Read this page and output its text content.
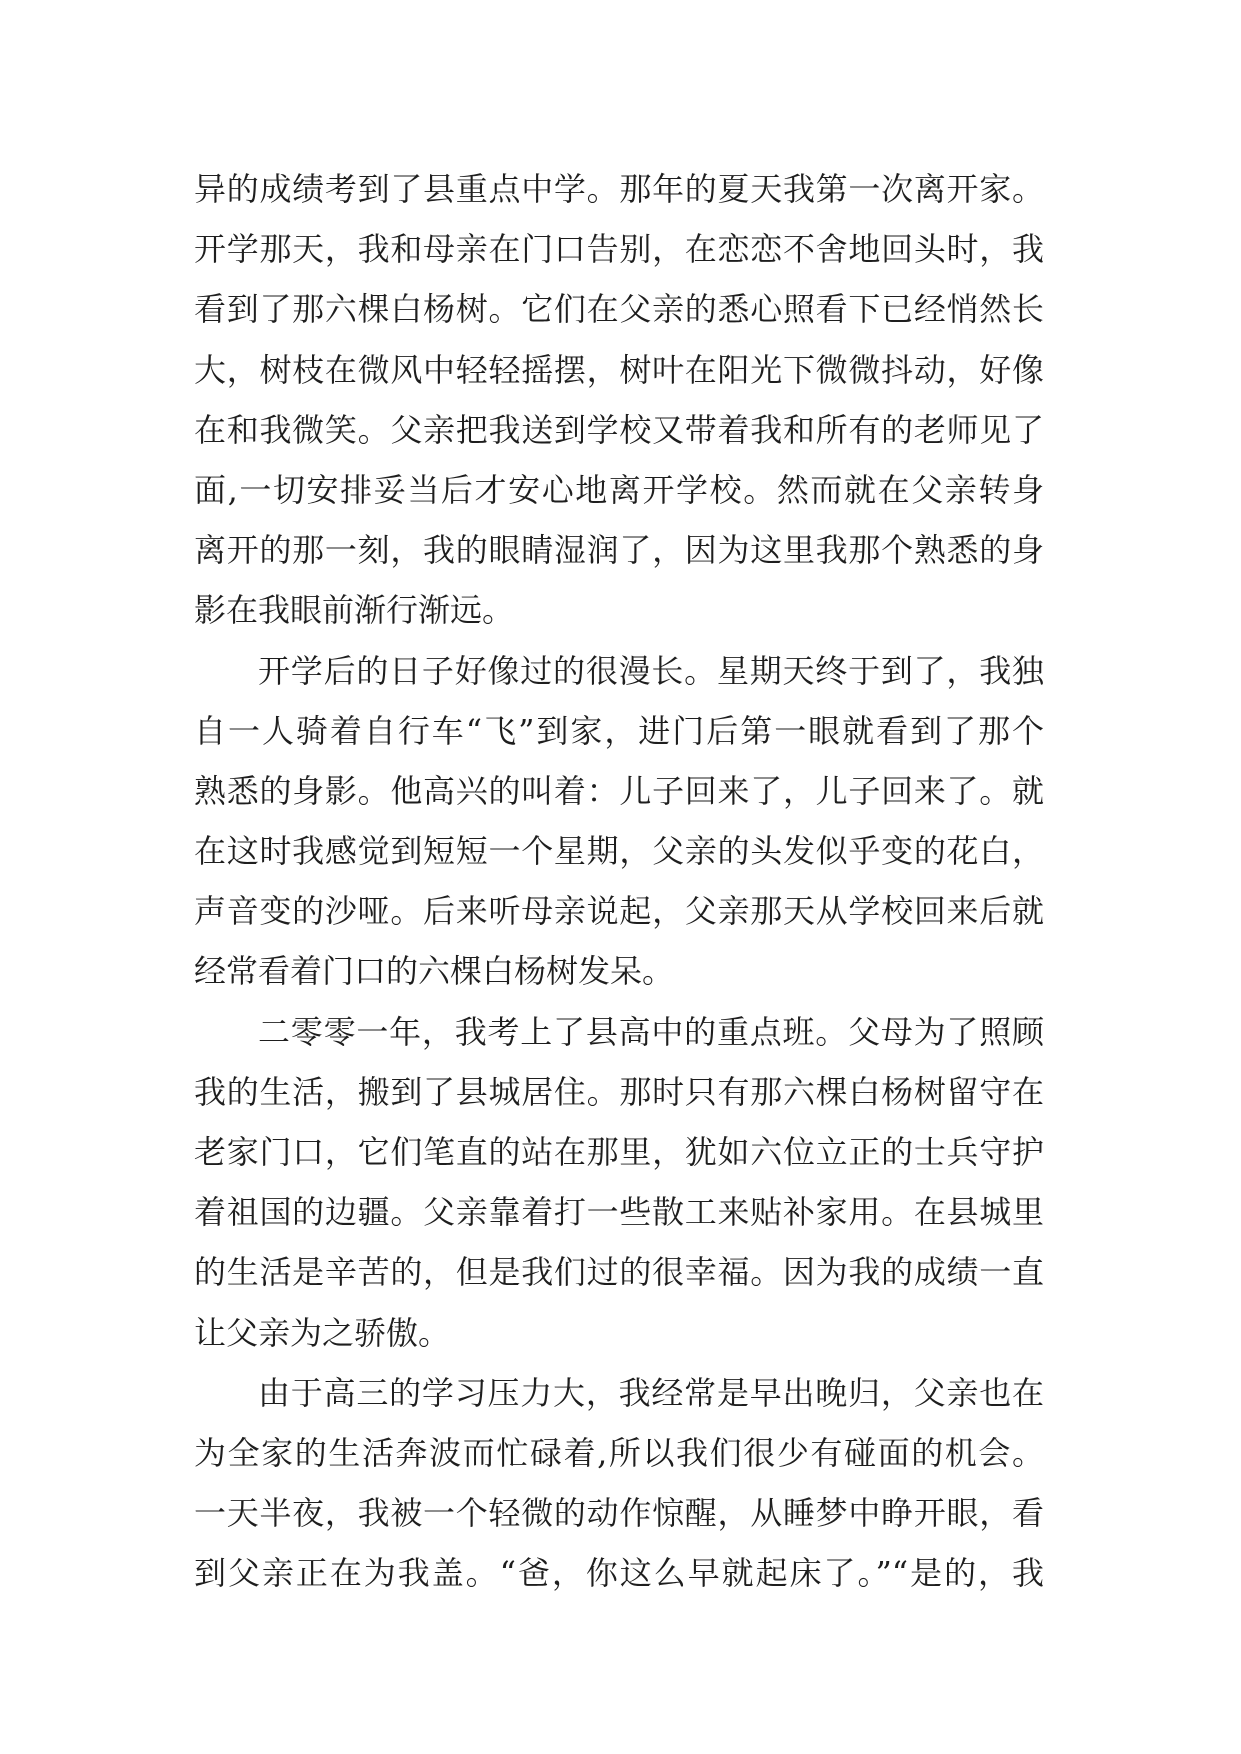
异的成绩考到了县重点中学。那年的夏天我第一次离开家。
开学那天，我和母亲在门口告别，在恋恋不舍地回头时，我
看到了那六棵白杨树。它们在父亲的悉心照看下已经悄然长
大，树枝在微风中轻轻摇摆，树叶在阳光下微微抖动，好像
在和我微笑。父亲把我送到学校又带着我和所有的老师见了
面,一切安排妥当后才安心地离开学校。然而就在父亲转身
离开的那一刻，我的眼睛湿润了，因为这里我那个熟悉的身
影在我眼前渐行渐远。
开学后的日子好像过的很漫长。星期天终于到了，我独
自一人骑着自行车“飞”到家，进门后第一眼就看到了那个
熟悉的身影。他高兴的叫着：儿子回来了，儿子回来了。就
在这时我感觉到短短一个星期，父亲的头发似乎变的花白，
声音变的沙哑。后来听母亲说起，父亲那天从学校回来后就
经常看着门口的六棵白杨树发呆。
二零零一年，我考上了县高中的重点班。父母为了照顾
我的生活，搬到了县城居住。那时只有那六棵白杨树留守在
老家门口，它们笔直的站在那里，犹如六位立正的士兵守护
着祖国的边疆。父亲靠着打一些散工来贴补家用。在县城里
的生活是辛苦的，但是我们过的很幸福。因为我的成绩一直
让父亲为之骄傲。
由于高三的学习压力大，我经常是早出晚归，父亲也在
为全家的生活奔波而忙碌着,所以我们很少有碰面的机会。
一天半夜，我被一个轻微的动作惊醒，从睡梦中睁开眼，看
到父亲正在为我盖。“爸，你这么早就起床了。”“是的，我
